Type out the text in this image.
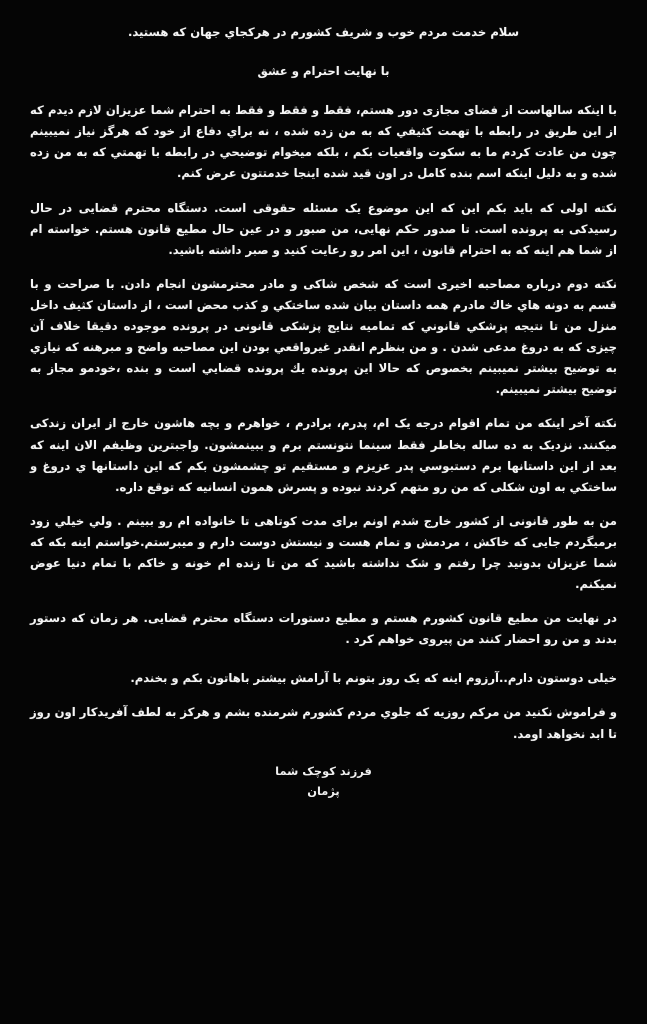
سلام خدمت مردم خوب و شریف کشورم در هرکجاي جهان که هستید.

با نهایت احترام و عشق

با اینکه سالهاست از فضای مجازی دور هستم، فقط و فقط و فقط به احترام شما عزیزان لازم دیدم که از این طریق در رابطه با تهمت کثیفي که به من زده شده ، نه براي دفاع از خود که هرگز نیاز نمیبینم چون من عادت کردم ما به سکوت واقعیات بکم ، بلکه میخوام توضیحي در رابطه با تهمتي که به من زده شده و به دلیل اینکه اسم بنده کامل در اون قید شده اینجا خدمتتون عرض کنم.

نکته اولی که باید بکم این که این موضوع یک مسئله حقوقی است. دستگاه محترم قضایی در حال رسیدکی به پرونده است. تا صدور حکم نهایی، من صبور و در عین حال مطیع قانون هستم. خواسته ام از شما هم اینه که به احترام قانون ، این امر رو رعایت کنید و صبر داشته باشید.

نکته دوم درباره مصاحبه اخیری است که شخص شاکی و مادر محترمشون انجام دادن. با صراحت و با قسم به دونه هاي خاك مادرم همه داستان بیان شده ساختکي و کذب محض است ، از داستان کثیف داخل منزل من تا نتیجه پزشکي قانوني که تمامیه نتایج پزشکی قانونی در پرونده موجوده دقیقا خلاف آن چیزی که به دروغ مدعی شدن . و من بنظرم انقدر غیرواقعي بودن این مصاحبه واضح و مبرهنه که نیازي به توضیح بیشتر نمیبینم بخصوص که حالا این پرونده یك پرونده قضایي است و بنده ،خودمو مجاز به توضیح بیشتر نمیبینم.

نکته آخر اینکه من تمام اقوام درجه یک ام، پدرم، برادرم ، خواهرم و بچه هاشون خارج از ایران زندکی میکنند. نزدیک به ده ساله بخاطر فقط سینما نتونستم برم و ببینمشون. واجبترین وظیفم الان اینه که بعد از این داستانها برم دستبوسي پدر عزیزم و مستقیم تو چشمشون بکم که این داستانها ي دروغ و ساختکي به اون شکلی که من رو متهم کردند نبوده و پسرش همون انسانیه که توقع داره.

من به طور قانونی از کشور خارج شدم اونم برای مدت کوتاهی تا خانواده ام رو ببینم . ولي خيلي زود برميگردم جایی که خاکش ، مردمش و تمام هست و نیستش دوست دارم و میبرستم.خواستم اینه بکه که شما عزیزان بدونید چرا رفتم و شک نداشته باشید که من تا زنده ام خونه و خاكم با تمام دنیا عوض نمیکنم.

در نهایت من مطیع قانون کشورم هستم و مطیع دستورات دستگاه محترم قضایی. هر زمان که دستور بدند و من رو احضار کنند من پیروی خواهم کرد .

خیلی دوستون دارم..آرزوم اینه که یک روز بتونم با آرامش بیشتر باهاتون بکم و بخندم.

و فراموش نکنید من مرکم روزیه که جلوي مردم کشورم شرمنده بشم و هرکز به لطف آفریدکار اون روز تا ابد نخواهد اومد.

فرزند کوچک شما
پژمان
